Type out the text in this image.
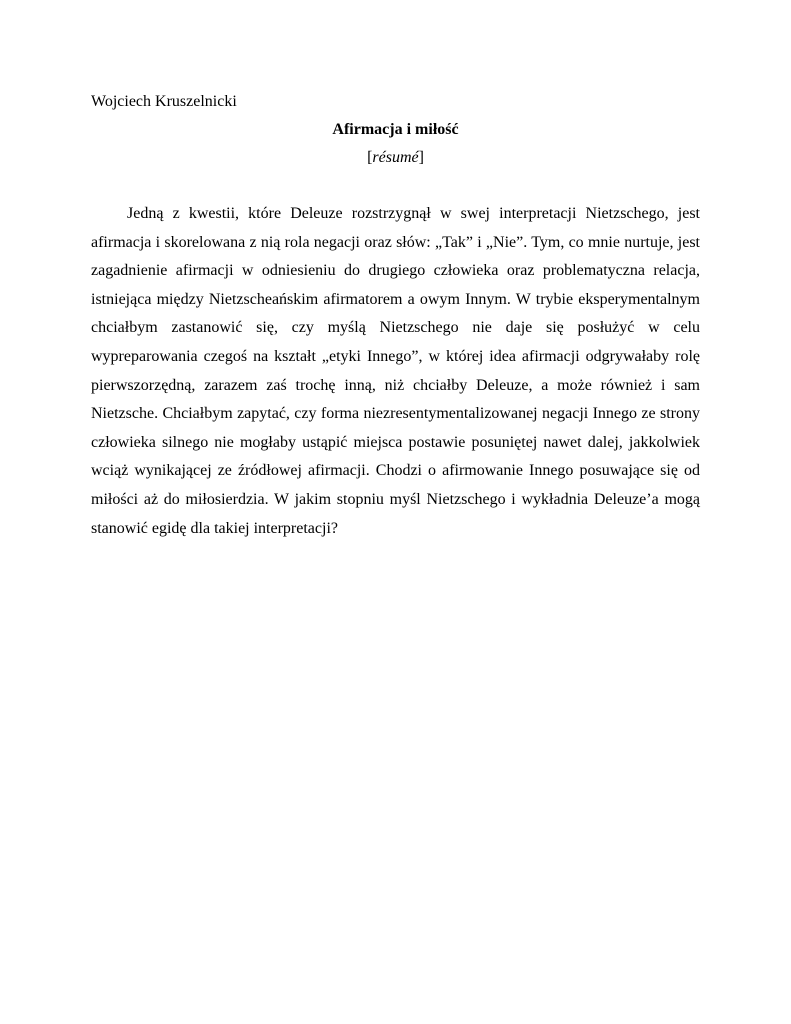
Wojciech Kruszelnicki

Afirmacja i miłość

[résumé]

Jedną z kwestii, które Deleuze rozstrzygnął w swej interpretacji Nietzschego, jest afirmacja i skorelowana z nią rola negacji oraz słów: „Tak” i „Nie”. Tym, co mnie nurtuje, jest zagadnienie afirmacji w odniesieniu do drugiego człowieka oraz problematyczna relacja, istniejąca między Nietzscheańskim afirmatorem a owym Innym. W trybie eksperymentalnym chciałbym zastanowić się, czy myślą Nietzschego nie daje się posłużyć w celu wypreparowania czegoś na kształt „etyki Innego”, w której idea afirmacji odgrywałaby rolę pierwszorzędną, zarazem zaś trochę inną, niż chciałby Deleuze, a może również i sam Nietzsche. Chciałbym zapytać, czy forma niezresentymentalizowanej negacji Innego ze strony człowieka silnego nie mogłaby ustąpić miejsca postawie posuniętej nawet dalej, jakkolwiek wciąż wynikającej ze źródłowej afirmacji. Chodzi o afirmowanie Innego posuwające się od miłości aż do miłosierdzia. W jakim stopniu myśl Nietzschego i wykładnia Deleuze’a mogą stanowić egidę dla takiej interpretacji?
